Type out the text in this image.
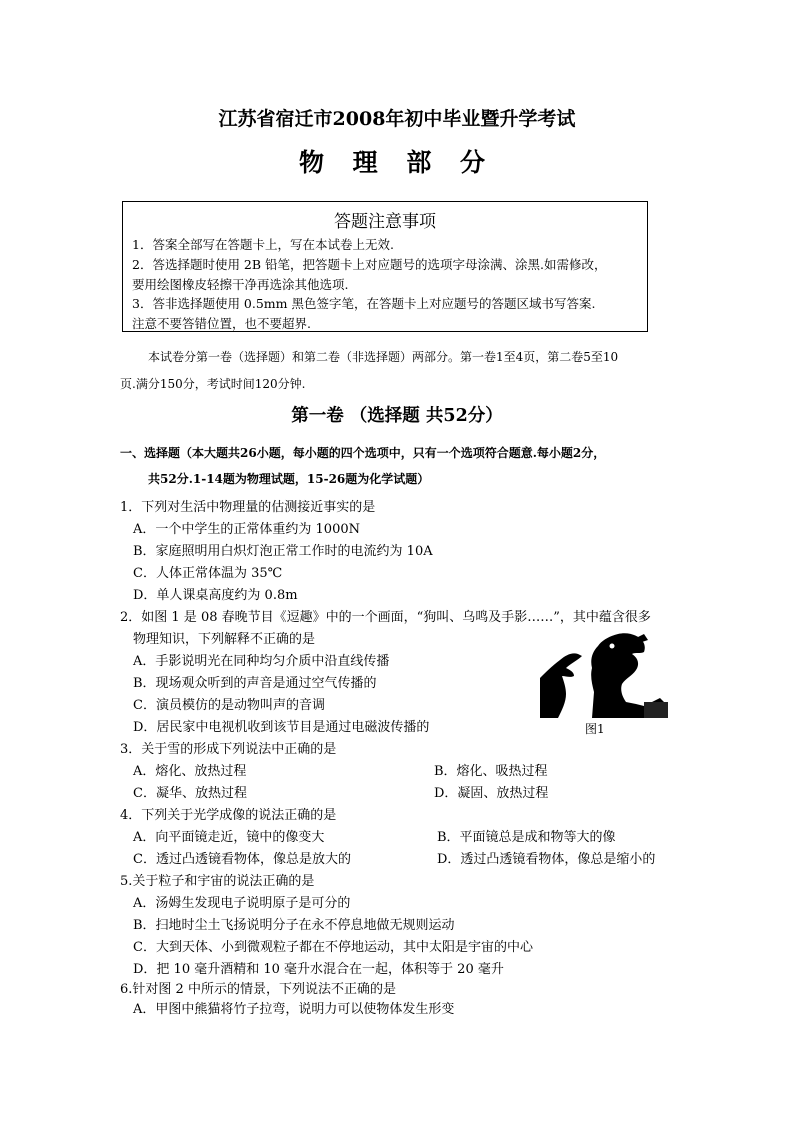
江苏省宿迁市2008年初中毕业暨升学考试
物 理 部 分
答题注意事项
1．答案全部写在答题卡上，写在本试卷上无效.
2．答选择题时使用 2B 铅笔，把答题卡上对应题号的选项字母涂满、涂黑.如需修改，
要用绘图橡皮轻擦干净再选涂其他选项.
3．答非选择题使用 0.5mm 黑色签字笔，在答题卡上对应题号的答题区域书写答案.
注意不要答错位置，也不要超界.
本试卷分第一卷（选择题）和第二卷（非选择题）两部分。第一卷1至4页，第二卷5至10
页.满分150分，考试时间120分钟.
第一卷 （选择题 共52分）
一、选择题（本大题共26小题，每小题的四个选项中，只有一个选项符合题意.每小题2分，
共52分.1-14题为物理试题，15-26题为化学试题）
1．下列对生活中物理量的估测接近事实的是
A．一个中学生的正常体重约为 1000N
B．家庭照明用白炽灯泡正常工作时的电流约为 10A
C．人体正常体温为 35℃
D．单人课桌高度约为 0.8m
2．如图 1 是 08 春晚节目《逗趣》中的一个画面，“狗叫、乌鸣及手影……”，其中蕴含很多
物理知识，下列解释不正确的是
A．手影说明光在同种均匀介质中沿直线传播
B．现场观众听到的声音是通过空气传播的
C．演员模仿的是动物叫声的音调
D．居民家中电视机收到该节目是通过电磁波传播的	图1
3．关于雪的形成下列说法中正确的是
A．熔化、放热过程	B．熔化、吸热过程
C．凝华、放热过程	D．凝固、放热过程
4．下列关于光学成像的说法正确的是
A．向平面镜走近，镜中的像变大	B．平面镜总是成和物等大的像
C．透过凸透镜看物体，像总是放大的	D．透过凸透镜看物体，像总是缩小的
5.关于粒子和宇宙的说法正确的是
A．汤姆生发现电子说明原子是可分的
B．扫地时尘土飞扬说明分子在永不停息地做无规则运动
C．大到天体、小到微观粒子都在不停地运动，其中太阳是宇宙的中心
D．把 10 毫升酒精和 10 毫升水混合在一起，体积等于 20 毫升
6.针对图 2 中所示的情景，下列说法不正确的是
A．甲图中熊猫将竹子拉弯，说明力可以使物体发生形变
